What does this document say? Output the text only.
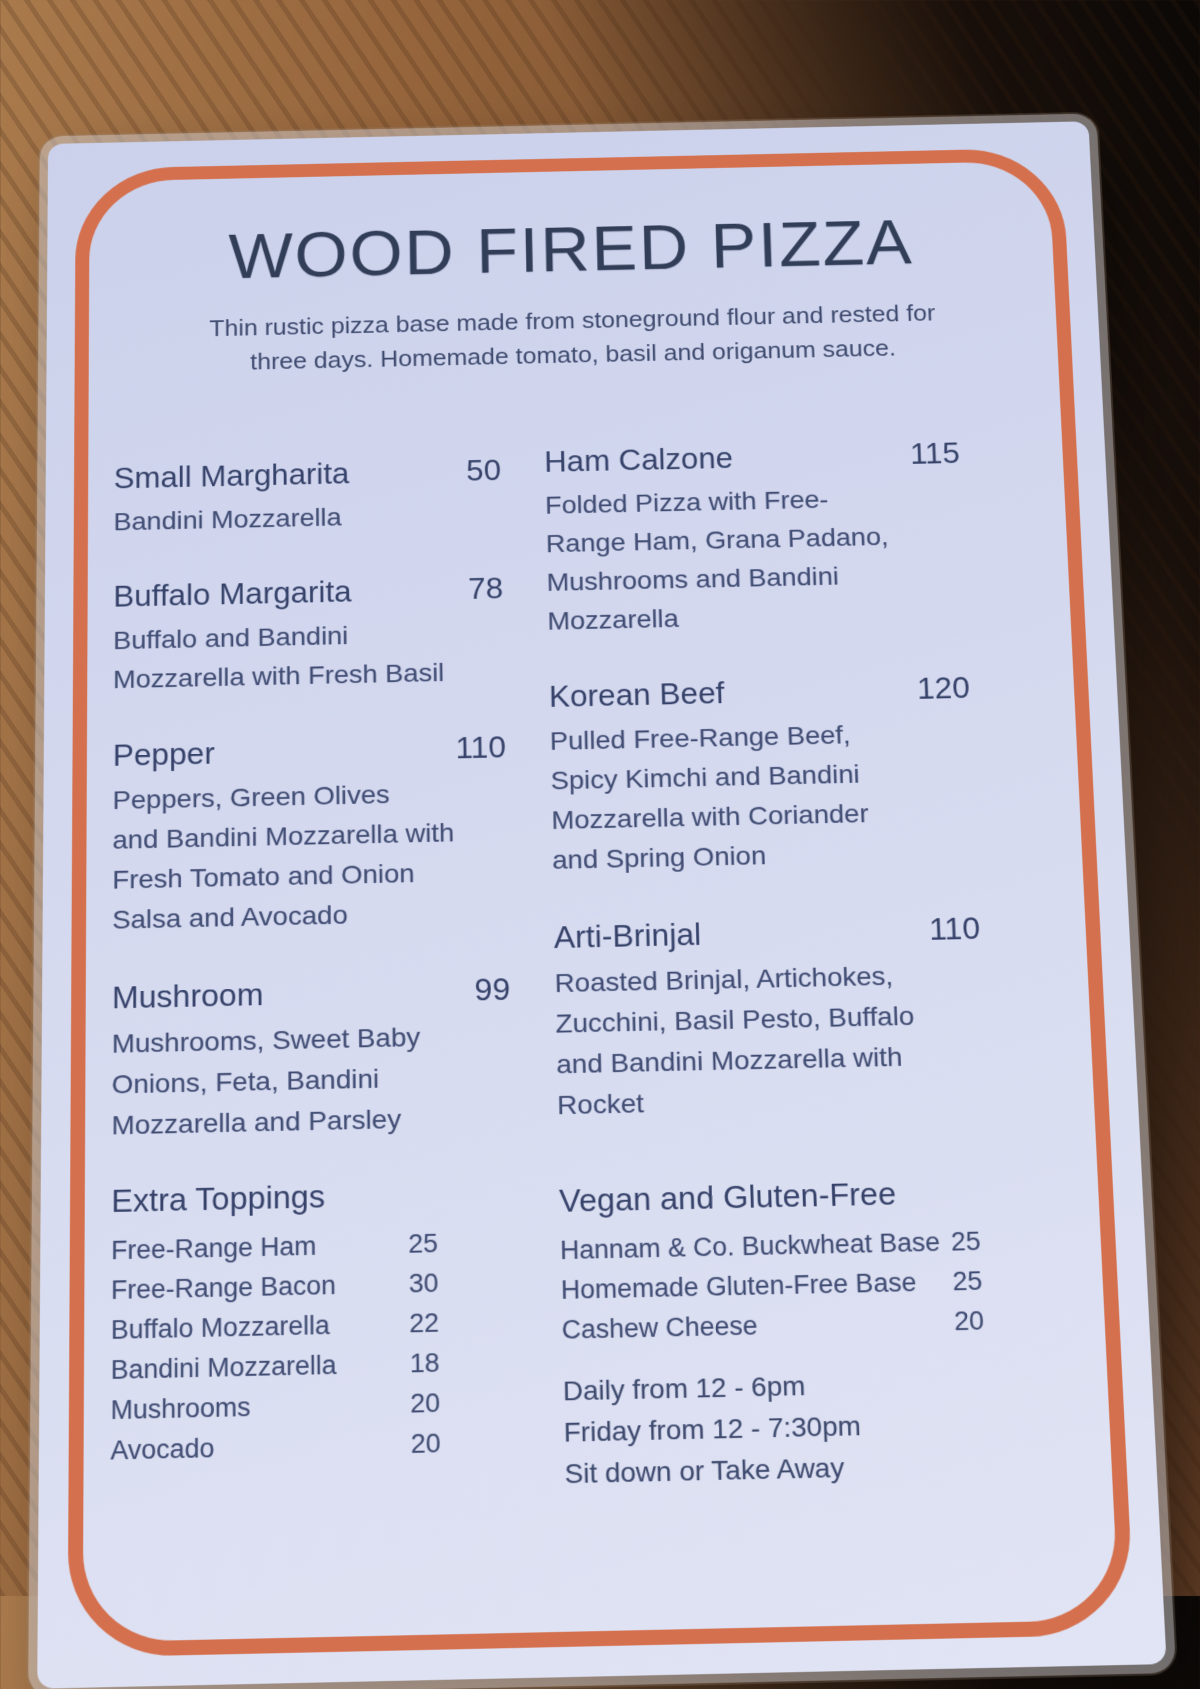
WOOD FIRED PIZZA
Thin rustic pizza base made from stoneground flour and rested for
three days. Homemade tomato, basil and origanum sauce.
Small Margharita	50
Bandini Mozzarella
Buffalo Margarita	78
Buffalo and Bandini
Mozzarella with Fresh Basil
Pepper	110
Peppers, Green Olives
and Bandini Mozzarella with
Fresh Tomato and Onion
Salsa and Avocado
Mushroom	99
Mushrooms, Sweet Baby
Onions, Feta, Bandini
Mozzarella and Parsley
Ham Calzone	115
Folded Pizza with Free-
Range Ham, Grana Padano,
Mushrooms and Bandini
Mozzarella
Korean Beef	120
Pulled Free-Range Beef,
Spicy Kimchi and Bandini
Mozzarella with Coriander
and Spring Onion
Arti-Brinjal	110
Roasted Brinjal, Artichokes,
Zucchini, Basil Pesto, Buffalo
and Bandini Mozzarella with
Rocket
Extra Toppings
Free-Range Ham	25
Free-Range Bacon	30
Buffalo Mozzarella	22
Bandini Mozzarella	18
Mushrooms	20
Avocado	20
Vegan and Gluten-Free
Hannam & Co. Buckwheat Base 25
Homemade Gluten-Free Base 25
Cashew Cheese	20
Daily from 12 - 6pm
Friday from 12 - 7:30pm
Sit down or Take Away
